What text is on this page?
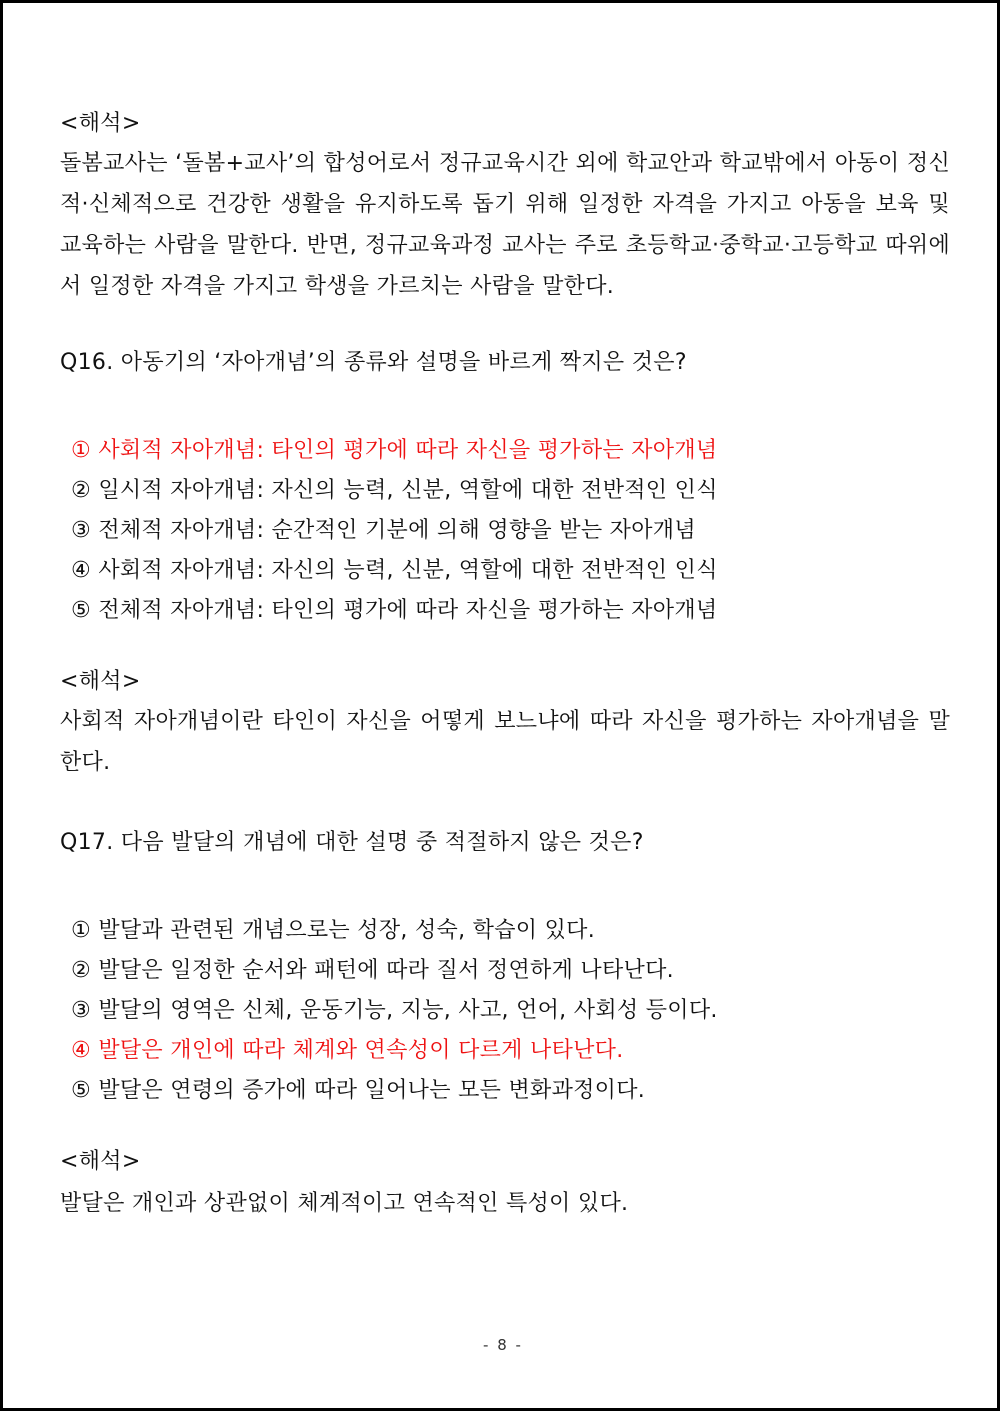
<해석>
돌봄교사는 ‘돌봄+교사’의 합성어로서 정규교육시간 외에 학교안과 학교밖에서 아동이 정신적·신체적으로 건강한 생활을 유지하도록 돕기 위해 일정한 자격을 가지고 아동을 보육 및 교육하는 사람을 말한다. 반면, 정규교육과정 교사는 주로 초등학교·중학교·고등학교 따위에서 일정한 자격을 가지고 학생을 가르치는 사람을 말한다.
Q16. 아동기의 ‘자아개념’의 종류와 설명을 바르게 짝지은 것은?
① 사회적 자아개념: 타인의 평가에 따라 자신을 평가하는 자아개념
② 일시적 자아개념: 자신의 능력, 신분, 역할에 대한 전반적인 인식
③ 전체적 자아개념: 순간적인 기분에 의해 영향을 받는 자아개념
④ 사회적 자아개념: 자신의 능력, 신분, 역할에 대한 전반적인 인식
⑤ 전체적 자아개념: 타인의 평가에 따라 자신을 평가하는 자아개념
<해석>
사회적 자아개념이란 타인이 자신을 어떻게 보느냐에 따라 자신을 평가하는 자아개념을 말한다.
Q17. 다음 발달의 개념에 대한 설명 중 적절하지 않은 것은?
① 발달과 관련된 개념으로는 성장, 성숙, 학습이 있다.
② 발달은 일정한 순서와 패턴에 따라 질서 정연하게 나타난다.
③ 발달의 영역은 신체, 운동기능, 지능, 사고, 언어, 사회성 등이다.
④ 발달은 개인에 따라 체계와 연속성이 다르게 나타난다.
⑤ 발달은 연령의 증가에 따라 일어나는 모든 변화과정이다.
<해석>
발달은 개인과 상관없이 체계적이고 연속적인 특성이 있다.
- 8 -
